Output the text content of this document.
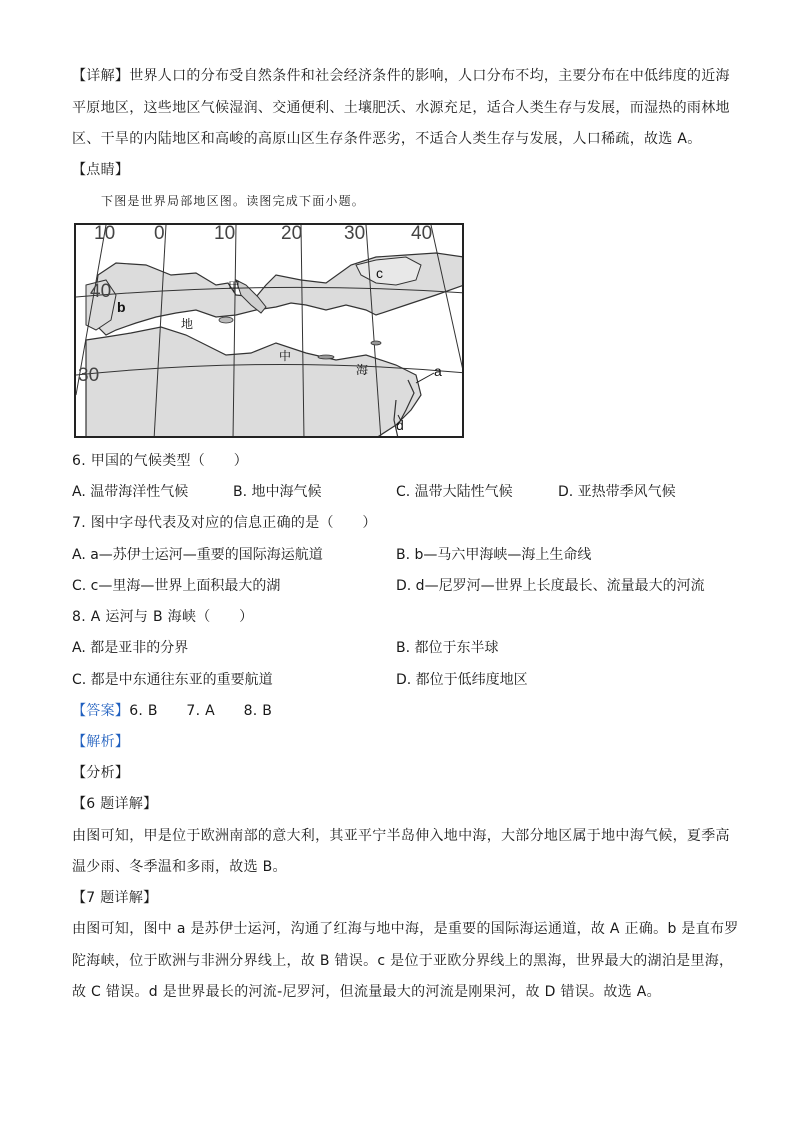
【详解】世界人口的分布受自然条件和社会经济条件的影响，人口分布不均，主要分布在中低纬度的近海
平原地区，这些地区气候湿润、交通便利、土壤肥沃、水源充足，适合人类生存与发展，而湿热的雨林地
区、干旱的内陆地区和高峻的高原山区生存条件恶劣，不适合人类生存与发展，人口稀疏，故选 A。
【点睛】
下图是世界局部地区图。读图完成下面小题。
10 0	10 20 30 40
40
30
甲
地
中
海	a
b
c
d
6. 甲国的气候类型（　　）
A. 温带海洋性气候	B. 地中海气候	C. 温带大陆性气候	D. 亚热带季风气候
7. 图中字母代表及对应的信息正确的是（　　）
A. a—苏伊士运河—重要的国际海运航道	B. b—马六甲海峡—海上生命线
C. c—里海—世界上面积最大的湖	D. d—尼罗河—世界上长度最长、流量最大的河流
8. A 运河与 B 海峡（　　）
A. 都是亚非的分界	B. 都位于东半球
C. 都是中东通往东亚的重要航道	D. 都位于低纬度地区
【答案】6. B　　7. A　　8. B
【解析】
【分析】
【6 题详解】
由图可知，甲是位于欧洲南部的意大利，其亚平宁半岛伸入地中海，大部分地区属于地中海气候，夏季高
温少雨、冬季温和多雨，故选 B。
【7 题详解】
由图可知，图中 a 是苏伊士运河，沟通了红海与地中海，是重要的国际海运通道，故 A 正确。b 是直布罗
陀海峡，位于欧洲与非洲分界线上，故 B 错误。c 是位于亚欧分界线上的黑海，世界最大的湖泊是里海，
故 C 错误。d 是世界最长的河流-尼罗河，但流量最大的河流是刚果河，故 D 错误。故选 A。
